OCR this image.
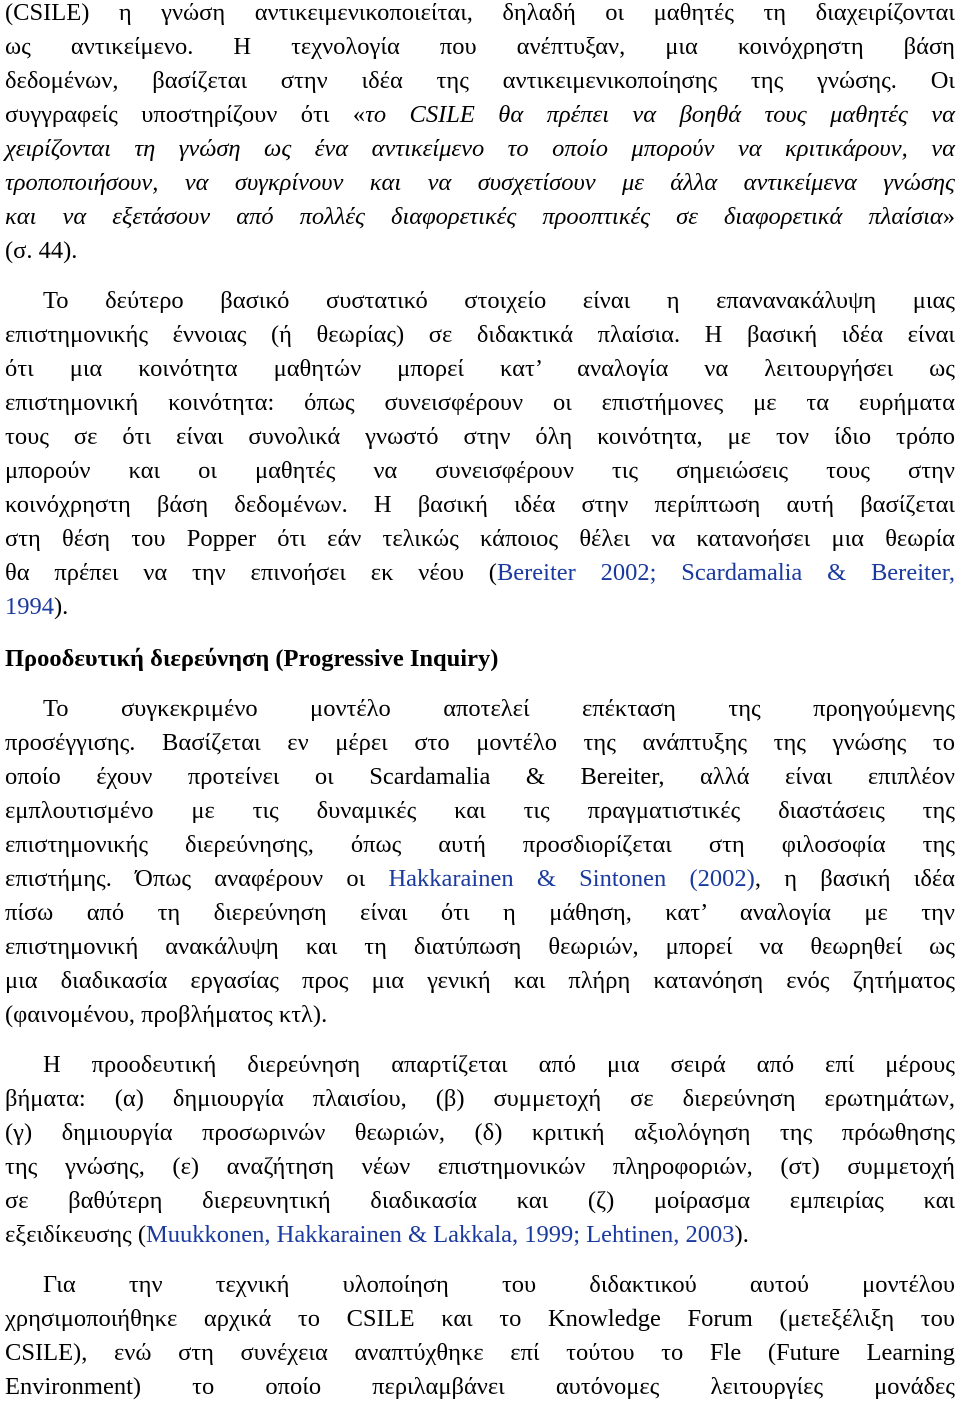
(CSILE) η γνώση αντικειμενικοποιείται, δηλαδή οι μαθητές τη διαχειρίζονται
ως αντικείμενο. Η τεχνολογία που ανέπτυξαν, μια κοινόχρηστη βάση
δεδομένων, βασίζεται στην ιδέα της αντικειμενικοποίησης της γνώσης. Οι
συγγραφείς υποστηρίζουν ότι «το CSILE θα πρέπει να βοηθά τους μαθητές να
χειρίζονται τη γνώση ως ένα αντικείμενο το οποίο μπορούν να κριτικάρουν, να
τροποποιήσουν, να συγκρίνουν και να συσχετίσουν με άλλα αντικείμενα γνώσης
και να εξετάσουν από πολλές διαφορετικές προοπτικές σε διαφορετικά πλαίσια»
(σ. 44).
Το δεύτερο βασικό συστατικό στοιχείο είναι η επανανακάλυψη μιας
επιστημονικής έννοιας (ή θεωρίας) σε διδακτικά πλαίσια. Η βασική ιδέα είναι
ότι μια κοινότητα μαθητών μπορεί κατ’ αναλογία να λειτουργήσει ως
επιστημονική κοινότητα: όπως συνεισφέρουν οι επιστήμονες με τα ευρήματα
τους σε ότι είναι συνολικά γνωστό στην όλη κοινότητα, με τον ίδιο τρόπο
μπορούν και οι μαθητές να συνεισφέρουν τις σημειώσεις τους στην
κοινόχρηστη βάση δεδομένων. Η βασική ιδέα στην περίπτωση αυτή βασίζεται
στη θέση του Popper ότι εάν τελικώς κάποιος θέλει να κατανοήσει μια θεωρία
θα πρέπει να την επινοήσει εκ νέου (Bereiter 2002; Scardamalia & Bereiter,
1994).
Προοδευτική διερεύνηση (Progressive Inquiry)
Το συγκεκριμένο μοντέλο αποτελεί επέκταση της προηγούμενης
προσέγγισης. Βασίζεται εν μέρει στο μοντέλο της ανάπτυξης της γνώσης το
οποίο έχουν προτείνει οι Scardamalia & Bereiter, αλλά είναι επιπλέον
εμπλουτισμένο με τις δυναμικές και τις πραγματιστικές διαστάσεις της
επιστημονικής διερεύνησης, όπως αυτή προσδιορίζεται στη φιλοσοφία της
επιστήμης. Όπως αναφέρουν οι Hakkarainen & Sintonen (2002), η βασική ιδέα
πίσω από τη διερεύνηση είναι ότι η μάθηση, κατ’ αναλογία με την
επιστημονική ανακάλυψη και τη διατύπωση θεωριών, μπορεί να θεωρηθεί ως
μια διαδικασία εργασίας προς μια γενική και πλήρη κατανόηση ενός ζητήματος
(φαινομένου, προβλήματος κτλ).
Η προοδευτική διερεύνηση απαρτίζεται από μια σειρά από επί μέρους
βήματα: (α) δημιουργία πλαισίου, (β) συμμετοχή σε διερεύνηση ερωτημάτων,
(γ) δημιουργία προσωρινών θεωριών, (δ) κριτική αξιολόγηση της πρόωθησης
της γνώσης, (ε) αναζήτηση νέων επιστημονικών πληροφοριών, (στ) συμμετοχή
σε βαθύτερη διερευνητική διαδικασία και (ζ) μοίρασμα εμπειρίας και
εξειδίκευσης (Muukkonen, Hakkarainen & Lakkala, 1999; Lehtinen, 2003).
Για την τεχνική υλοποίηση του διδακτικού αυτού μοντέλου
χρησιμοποιήθηκε αρχικά το CSILE και το Knowledge Forum (μετεξέλιξη του
CSILE), ενώ στη συνέχεια αναπτύχθηκε επί τούτου το Fle (Future Learning
Environment) το οποίο περιλαμβάνει αυτόνομες λειτουργίες μονάδες
